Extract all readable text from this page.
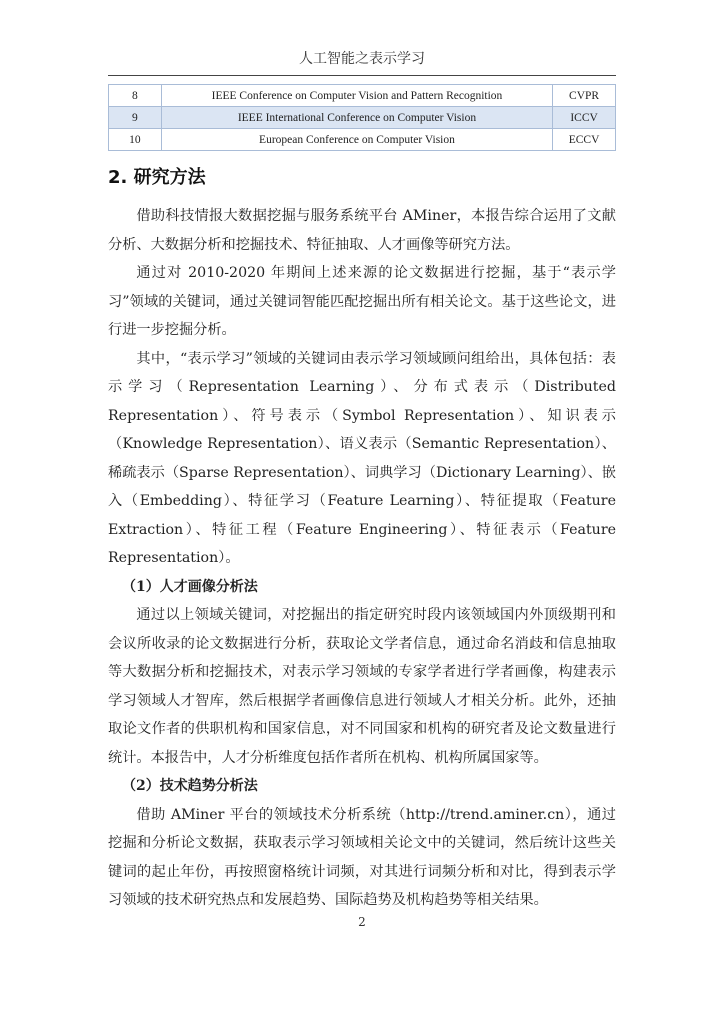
人工智能之表示学习
8	IEEE Conference on Computer Vision and Pattern Recognition	CVPR
9	IEEE International Conference on Computer Vision	ICCV
10	European Conference on Computer Vision	ECCV
2. 研究方法

借助科技情报大数据挖掘与服务系统平台 AMiner，本报告综合运用了文献分析、大数据分析和挖掘技术、特征抽取、人才画像等研究方法。

通过对 2010-2020 年期间上述来源的论文数据进行挖掘，基于“表示学习”领域的关键词，通过关键词智能匹配挖掘出所有相关论文。基于这些论文，进行进一步挖掘分析。

其中，“表示学习”领域的关键词由表示学习领域顾问组给出，具体包括：表示学习（Representation Learning）、分布式表示（Distributed Representation）、符号表示（Symbol Representation）、知识表示（Knowledge Representation）、语义表示（Semantic Representation）、稀疏表示（Sparse Representation）、词典学习（Dictionary Learning）、嵌入（Embedding）、特征学习（Feature Learning）、特征提取（Feature Extraction）、特征工程（Feature Engineering）、特征表示（Feature Representation）。

（1）人才画像分析法

通过以上领域关键词，对挖掘出的指定研究时段内该领域国内外顶级期刊和会议所收录的论文数据进行分析，获取论文学者信息，通过命名消歧和信息抽取等大数据分析和挖掘技术，对表示学习领域的专家学者进行学者画像，构建表示学习领域人才智库，然后根据学者画像信息进行领域人才相关分析。此外，还抽取论文作者的供职机构和国家信息，对不同国家和机构的研究者及论文数量进行统计。本报告中，人才分析维度包括作者所在机构、机构所属国家等。

（2）技术趋势分析法

借助 AMiner 平台的领域技术分析系统（http://trend.aminer.cn），通过挖掘和分析论文数据，获取表示学习领域相关论文中的关键词，然后统计这些关键词的起止年份，再按照窗格统计词频，对其进行词频分析和对比，得到表示学习领域的技术研究热点和发展趋势、国际趋势及机构趋势等相关结果。

2
